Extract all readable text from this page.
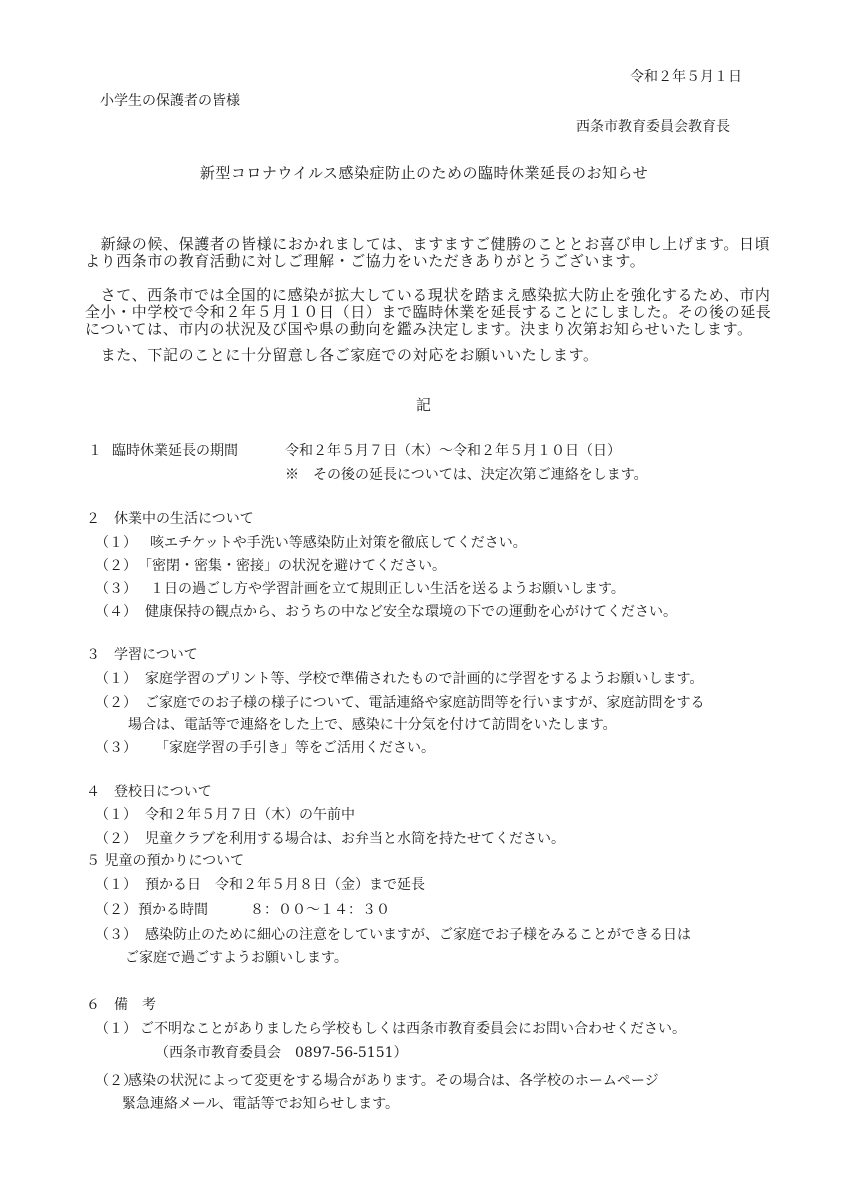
令和２年５月１日
小学生の保護者の皆様
西条市教育委員会教育長
新型コロナウイルス感染症防止のための臨時休業延長のお知らせ
　新緑の候、保護者の皆様におかれましては、ますますご健勝のこととお喜び申し上げます。日頃より西条市の教育活動に対しご理解・ご協力をいただきありがとうございます。
　さて、西条市では全国的に感染が拡大している現状を踏まえ感染拡大防止を強化するため、市内全小・中学校で令和２年５月１０日（日）まで臨時休業を延長することにしました。その後の延長については、市内の状況及び国や県の動向を鑑み決定します。決まり次第お知らせいたします。
　また、下記のことに十分留意し各ご家庭での対応をお願いいたします。
記
１ 臨時休業延長の期間	令和２年５月７日（木）～令和２年５月１０日（日）
※　その後の延長については、決定次第ご連絡をします。
２　休業中の生活について
（１） 咳エチケットや手洗い等感染防止対策を徹底してください。
（２） 「密閉・密集・密接」の状況を避けてください。
（３） １日の過ごし方や学習計画を立て規則正しい生活を送るようお願いします。
（４） 健康保持の観点から、おうちの中など安全な環境の下での運動を心がけてください。
３　学習について
（１） 家庭学習のプリント等、学校で準備されたもので計画的に学習をするようお願いします。
（２） ご家庭でのお子様の様子について、電話連絡や家庭訪問等を行いますが、家庭訪問をする
場合は、電話等で連絡をした上で、感染に十分気を付けて訪問をいたします。
（３） 「家庭学習の手引き」等をご活用ください。
４　登校日について
（１） 令和２年５月７日（木）の午前中
（２） 児童クラブを利用する場合は、お弁当と水筒を持たせてください。
５ 児童の預かりについて
（１） 預かる日　令和２年５月８日（金）まで延長
（２） 預かる時間　　　８：００～１４：３０
（３） 感染防止のために細心の注意をしていますが、ご家庭でお子様をみることができる日は
ご家庭で過ごすようお願いします。
６　備　考
（１） ご不明なことがありましたら学校もしくは西条市教育委員会にお問い合わせください。
（西条市教育委員会　0897-56-5151）
（２）
感染の状況によって変更をする場合があります。その場合は、各学校のホームページ
緊急連絡メール、電話等でお知らせします。
